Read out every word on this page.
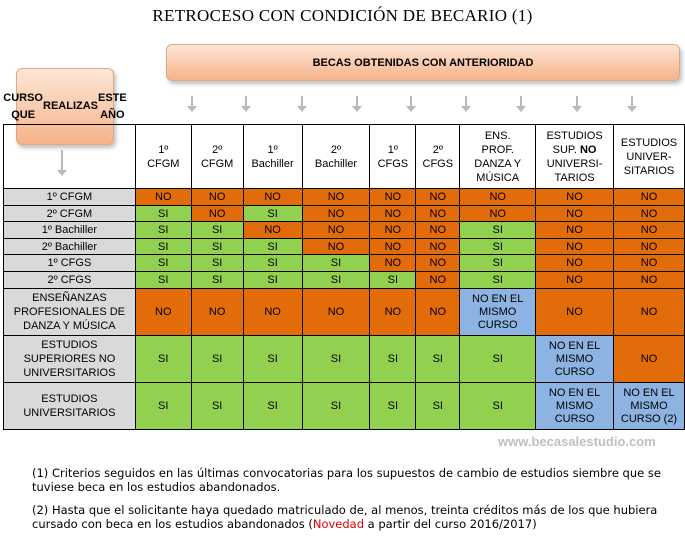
RETROCESO CON CONDICIÓN DE BECARIO (1)
BECAS OBTENIDAS CON ANTERIORIDAD
CURSO QUE

REALIZAS

ESTE AÑO
	1º
CFGM	2º
CFGM	1º
Bachiller	2º
Bachiller	1º
CFGS	2º
CFGS	ENS.
PROF.
DANZA Y
MÚSICA	ESTUDIOS
SUP. NO
UNIVERSI-
TARIOS	ESTUDIOS
UNIVER-
SITARIOS
1º CFGM	NO	NO	NO	NO	NO	NO	NO	NO	NO
2º CFGM	SI	NO	SI	NO	NO	NO	NO	NO	NO
1º Bachiller	SI	SI	NO	NO	NO	NO	SI	NO	NO
2º Bachiller	SI	SI	SI	NO	NO	NO	SI	NO	NO
1º CFGS	SI	SI	SI	SI	NO	NO	SI	NO	NO
2º CFGS	SI	SI	SI	SI	SI	NO	SI	NO	NO
ENSEÑANZAS
PROFESIONALES DE
DANZA Y MÚSICA	NO	NO	NO	NO	NO	NO	NO EN EL
MISMO
CURSO	NO	NO
ESTUDIOS
SUPERIORES NO
UNIVERSITARIOS	SI	SI	SI	SI	SI	SI	SI	NO EN EL
MISMO
CURSO	NO
ESTUDIOS
UNIVERSITARIOS	SI	SI	SI	SI	SI	SI	SI	NO EN EL
MISMO
CURSO	NO EN EL
MISMO
CURSO (2)
www.becasalestudio.com
(1) Criterios seguidos en las últimas convocatorias para los supuestos de cambio de estudios siembre que se tuviese beca en los estudios abandonados.
(2) Hasta que el solicitante haya quedado matriculado de, al menos, treinta créditos más de los que hubiera cursado con beca en los estudios abandonados (Novedad a partir del curso 2016/2017)
